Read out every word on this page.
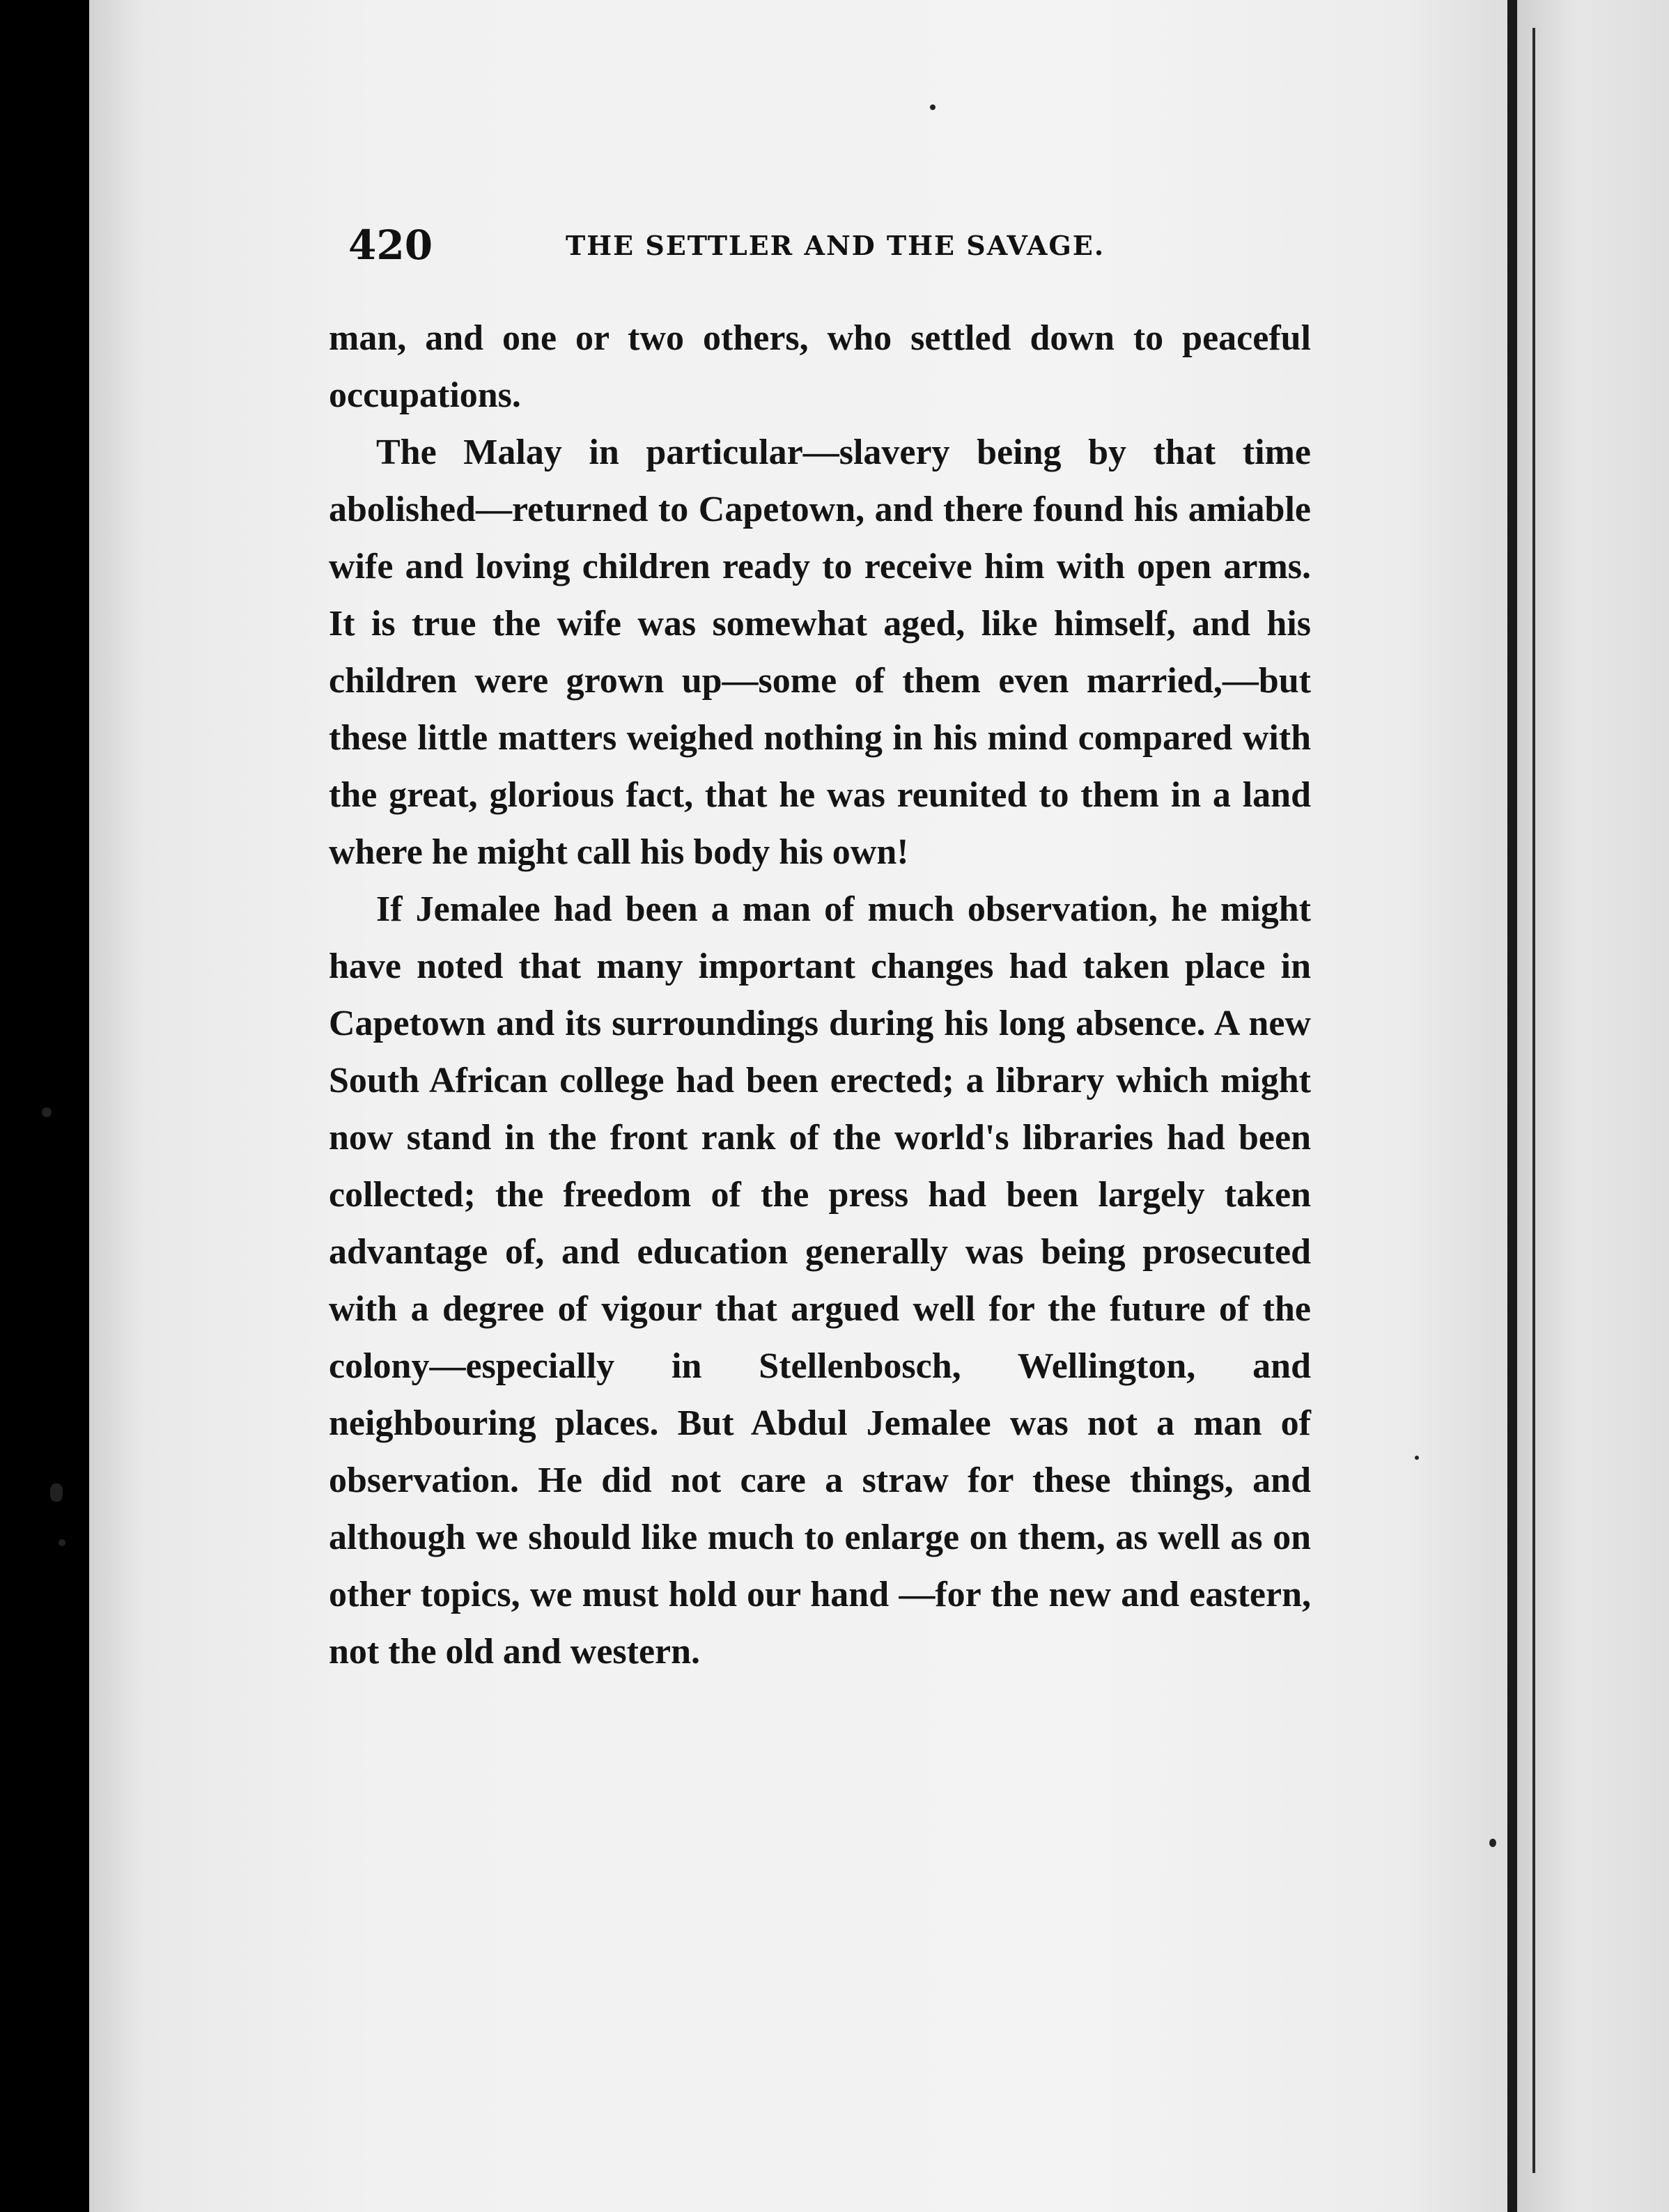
420	THE SETTLER AND THE SAVAGE.

man, and one or two others, who settled down to peaceful occupations.

The Malay in particular—slavery being by that time abolished—returned to Capetown, and there found his amiable wife and loving children ready to receive him with open arms. It is true the wife was somewhat aged, like himself, and his children were grown up—some of them even married,—but these little matters weighed nothing in his mind compared with the great, glorious fact, that he was reunited to them in a land where he might call his body his own!

If Jemalee had been a man of much observation, he might have noted that many important changes had taken place in Capetown and its surroundings during his long absence. A new South African college had been erected; a library which might now stand in the front rank of the world's libraries had been collected; the freedom of the press had been largely taken advantage of, and education generally was being prosecuted with a degree of vigour that argued well for the future of the colony—especially in Stellenbosch, Wellington, and neighbouring places. But Abdul Jemalee was not a man of observation. He did not care a straw for these things, and although we should like much to enlarge on them, as well as on other topics, we must hold our hand —for the new and eastern, not the old and western.
